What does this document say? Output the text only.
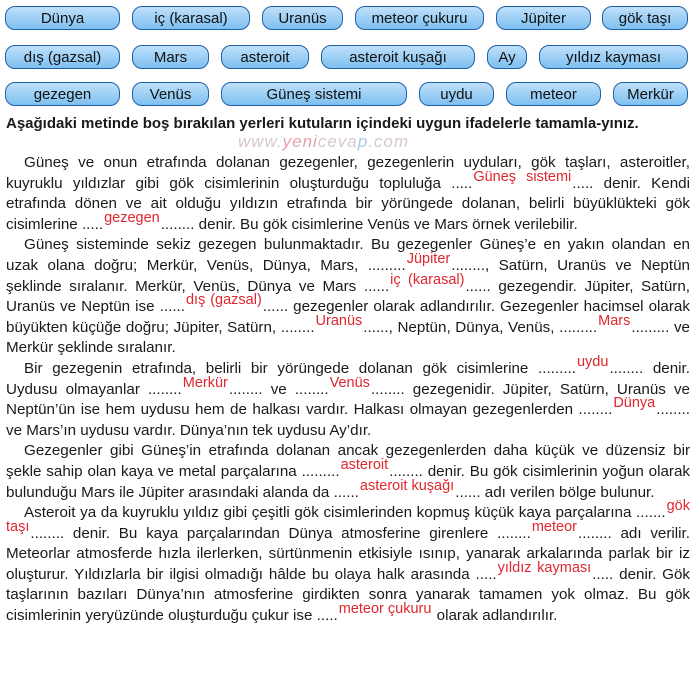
Dünya	iç (karasal)	Uranüs	meteor çukuru	Jüpiter	gök taşı
dış (gazsal)	Mars	asteroit	asteroit kuşağı	Ay	yıldız kayması
gezegen	Venüs	Güneş sistemi	uydu	meteor	Merkür

Aşağıdaki metinde boş bırakılan yerleri kutuların içindeki uygun ifadelerle tamamla-yınız.

www.yenicevap.com

Güneş ve onun etrafında dolanan gezegenler, gezegenlerin uyduları, gök taşları, asteroitler, kuyruklu yıldızlar gibi gök cisimlerinin oluşturduğu topluluğa .....Güneş sistemi..... denir. Kendi etrafında dönen ve ait olduğu yıldızın etrafında bir yörüngede dolanan, belirli büyüklükteki gök cisimlerine .....gezegen........ denir. Bu gök cisimlerine Venüs ve Mars örnek verilebilir.

Güneş sisteminde sekiz gezegen bulunmaktadır. Bu gezegenler Güneş’e en yakın olandan en uzak olana doğru; Merkür, Venüs, Dünya, Mars, .........Jüpiter........, Satürn, Uranüs ve Neptün şeklinde sıralanır. Merkür, Venüs, Dünya ve Mars ......iç (karasal)...... gezegendir. Jüpiter, Satürn, Uranüs ve Neptün ise ......dış (gazsal)...... gezegenler olarak adlandırılır. Gezegenler hacimsel olarak büyükten küçüğe doğru; Jüpiter, Satürn, ........Uranüs......, Neptün, Dünya, Venüs, .........Mars......... ve Merkür şeklinde sıralanır.

Bir gezegenin etrafında, belirli bir yörüngede dolanan gök cisimlerine .........uydu........ denir. Uydusu olmayanlar ........Merkür........ ve ........Venüs........ gezegenidir. Jüpiter, Satürn, Uranüs ve Neptün’ün ise hem uydusu hem de halkası vardır. Halkası olmayan gezegenlerden ........Dünya........ ve Mars’ın uydusu vardır. Dünya’nın tek uydusu Ay’dır.

Gezegenler gibi Güneş’in etrafında dolanan ancak gezegenlerden daha küçük ve düzensiz bir şekle sahip olan kaya ve metal parçalarına .........asteroit........ denir. Bu gök cisimlerinin yoğun olarak bulunduğu Mars ile Jüpiter arasındaki alanda da ......asteroit kuşağı...... adı verilen bölge bulunur.

Asteroit ya da kuyruklu yıldız gibi çeşitli gök cisimlerinden kopmuş küçük kaya parçalarına .......gök taşı........ denir. Bu kaya parçalarından Dünya atmosferine girenlere ........meteor........ adı verilir. Meteorlar atmosferde hızla ilerlerken, sürtünmenin etkisiyle ısınıp, yanarak arkalarında parlak bir iz oluşturur. Yıldızlarla bir ilgisi olmadığı hâlde bu olaya halk arasında .....yıldız kayması..... denir. Gök taşlarının bazıları Dünya’nın atmosferine girdikten sonra yanarak tamamen yok olmaz. Bu gök cisimlerinin yeryüzünde oluşturduğu çukur ise .....meteor çukuru olarak adlandırılır.
